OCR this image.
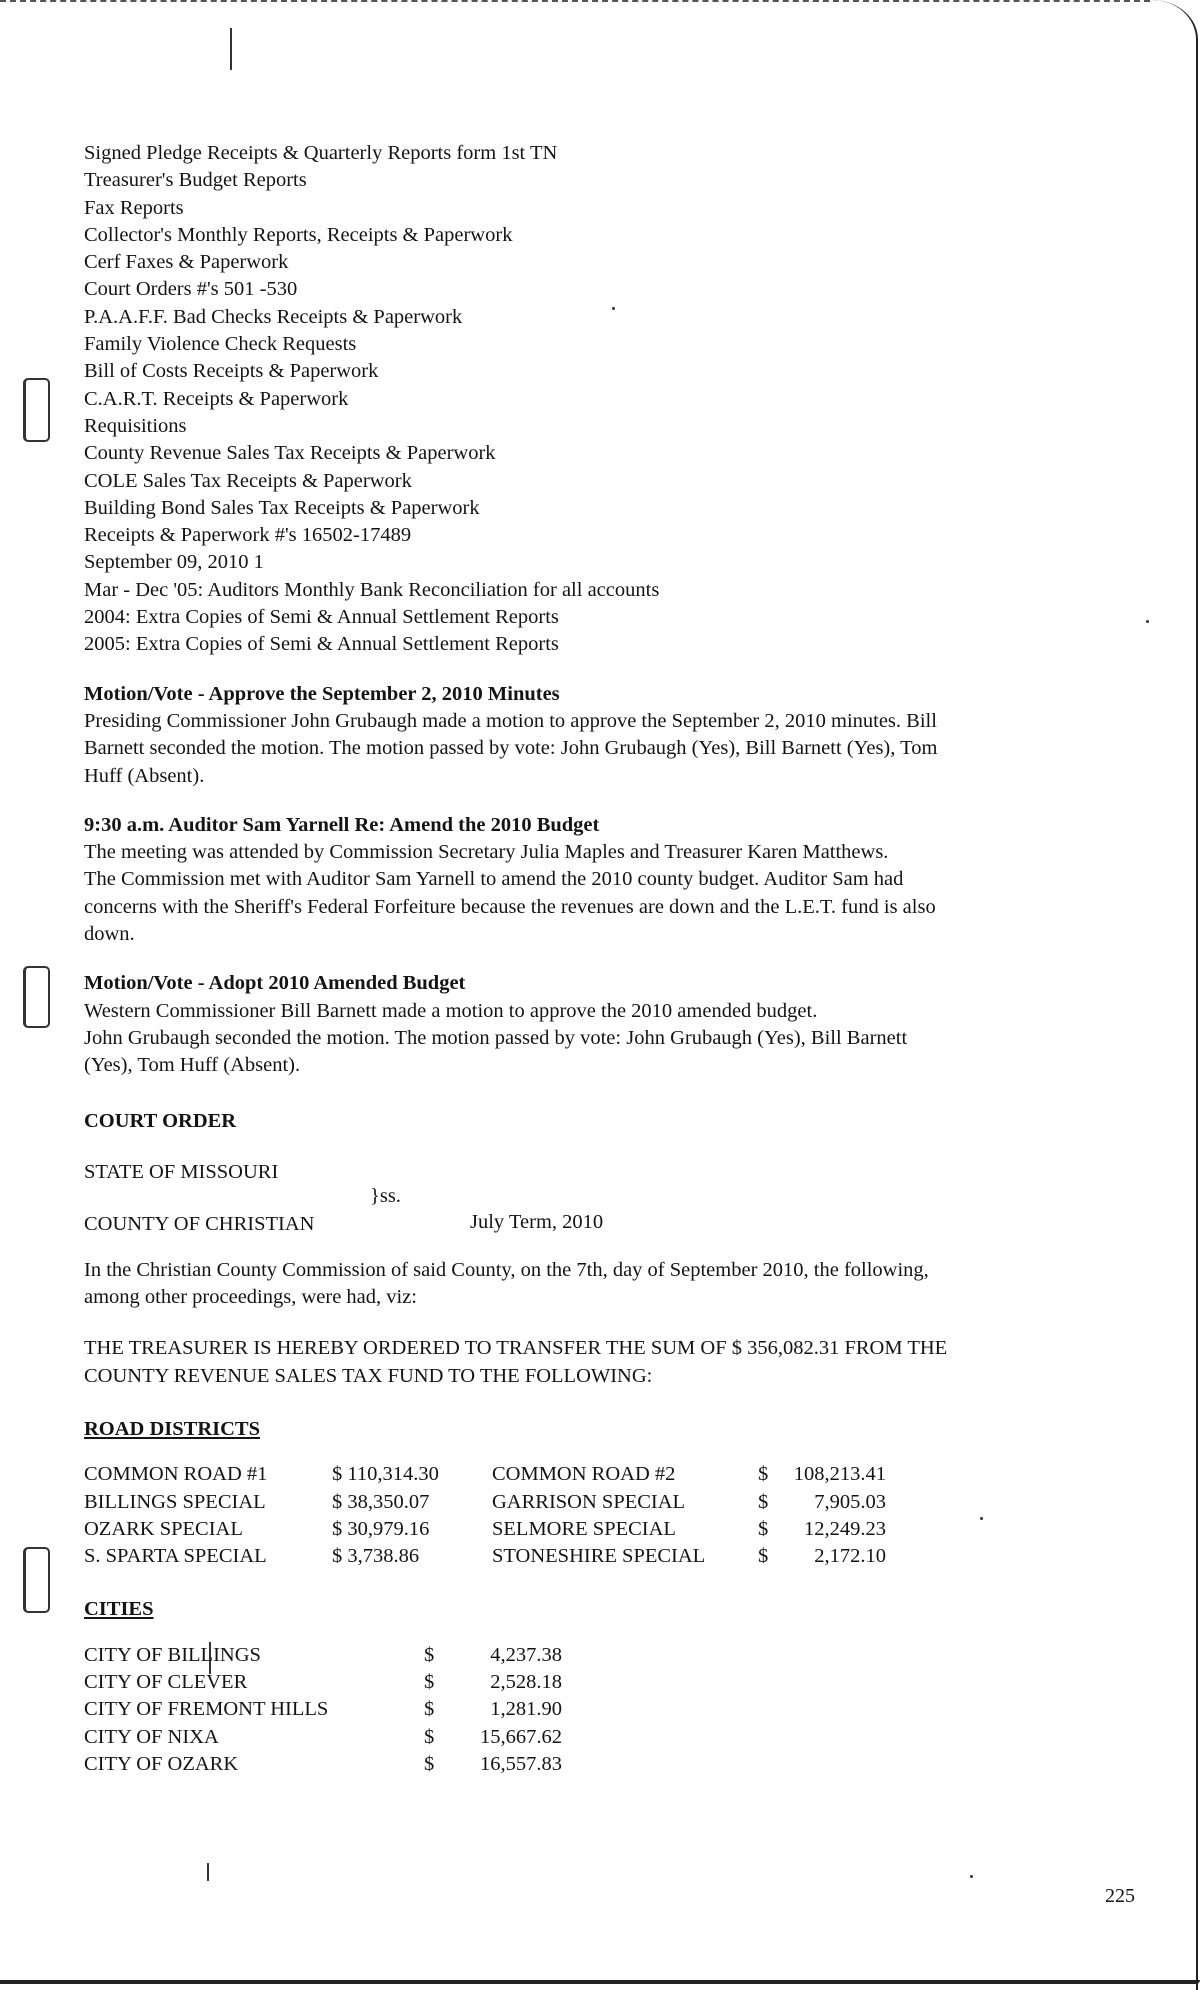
Signed Pledge Receipts & Quarterly Reports form 1st TN
Treasurer's Budget Reports
Fax Reports
Collector's Monthly Reports, Receipts & Paperwork
Cerf Faxes & Paperwork
Court Orders #'s 501 -530
P.A.A.F.F. Bad Checks Receipts & Paperwork
Family Violence Check Requests
Bill of Costs Receipts & Paperwork
C.A.R.T. Receipts & Paperwork
Requisitions
County Revenue Sales Tax Receipts & Paperwork
COLE Sales Tax Receipts & Paperwork
Building Bond Sales Tax Receipts & Paperwork
Receipts & Paperwork #'s 16502-17489
September 09, 2010 1
Mar - Dec '05: Auditors Monthly Bank Reconciliation for all accounts
2004: Extra Copies of Semi & Annual Settlement Reports
2005: Extra Copies of Semi & Annual Settlement Reports
Motion/Vote - Approve the September 2, 2010 Minutes
Presiding Commissioner John Grubaugh made a motion to approve the September 2, 2010 minutes. Bill
Barnett seconded the motion. The motion passed by vote: John Grubaugh (Yes), Bill Barnett (Yes), Tom
Huff (Absent).
9:30 a.m. Auditor Sam Yarnell Re: Amend the 2010 Budget
The meeting was attended by Commission Secretary Julia Maples and Treasurer Karen Matthews.
The Commission met with Auditor Sam Yarnell to amend the 2010 county budget. Auditor Sam had
concerns with the Sheriff's Federal Forfeiture because the revenues are down and the L.E.T. fund is also
down.
Motion/Vote - Adopt 2010 Amended Budget
Western Commissioner Bill Barnett made a motion to approve the 2010 amended budget.
John Grubaugh seconded the motion. The motion passed by vote: John Grubaugh (Yes), Bill Barnett
(Yes), Tom Huff (Absent).
COURT ORDER
STATE OF MISSOURI
}ss.
COUNTY OF CHRISTIAN	July Term, 2010
In the Christian County Commission of said County, on the 7th, day of September 2010, the following,
among other proceedings, were had, viz:
THE TREASURER IS HEREBY ORDERED TO TRANSFER THE SUM OF $ 356,082.31 FROM THE
COUNTY REVENUE SALES TAX FUND TO THE FOLLOWING:
ROAD DISTRICTS
COMMON ROAD #1	$ 110,314.30	COMMON ROAD #2	$	108,213.41
BILLINGS SPECIAL	$ 38,350.07	GARRISON SPECIAL	$	7,905.03
OZARK SPECIAL	$ 30,979.16	SELMORE SPECIAL	$	12,249.23
S. SPARTA SPECIAL	$ 3,738.86	STONESHIRE SPECIAL	$	2,172.10
CITIES
CITY OF BILLINGS	$	4,237.38
CITY OF CLEVER	$	2,528.18
CITY OF FREMONT HILLS	$	1,281.90
CITY OF NIXA	$	15,667.62
CITY OF OZARK	$	16,557.83
225
